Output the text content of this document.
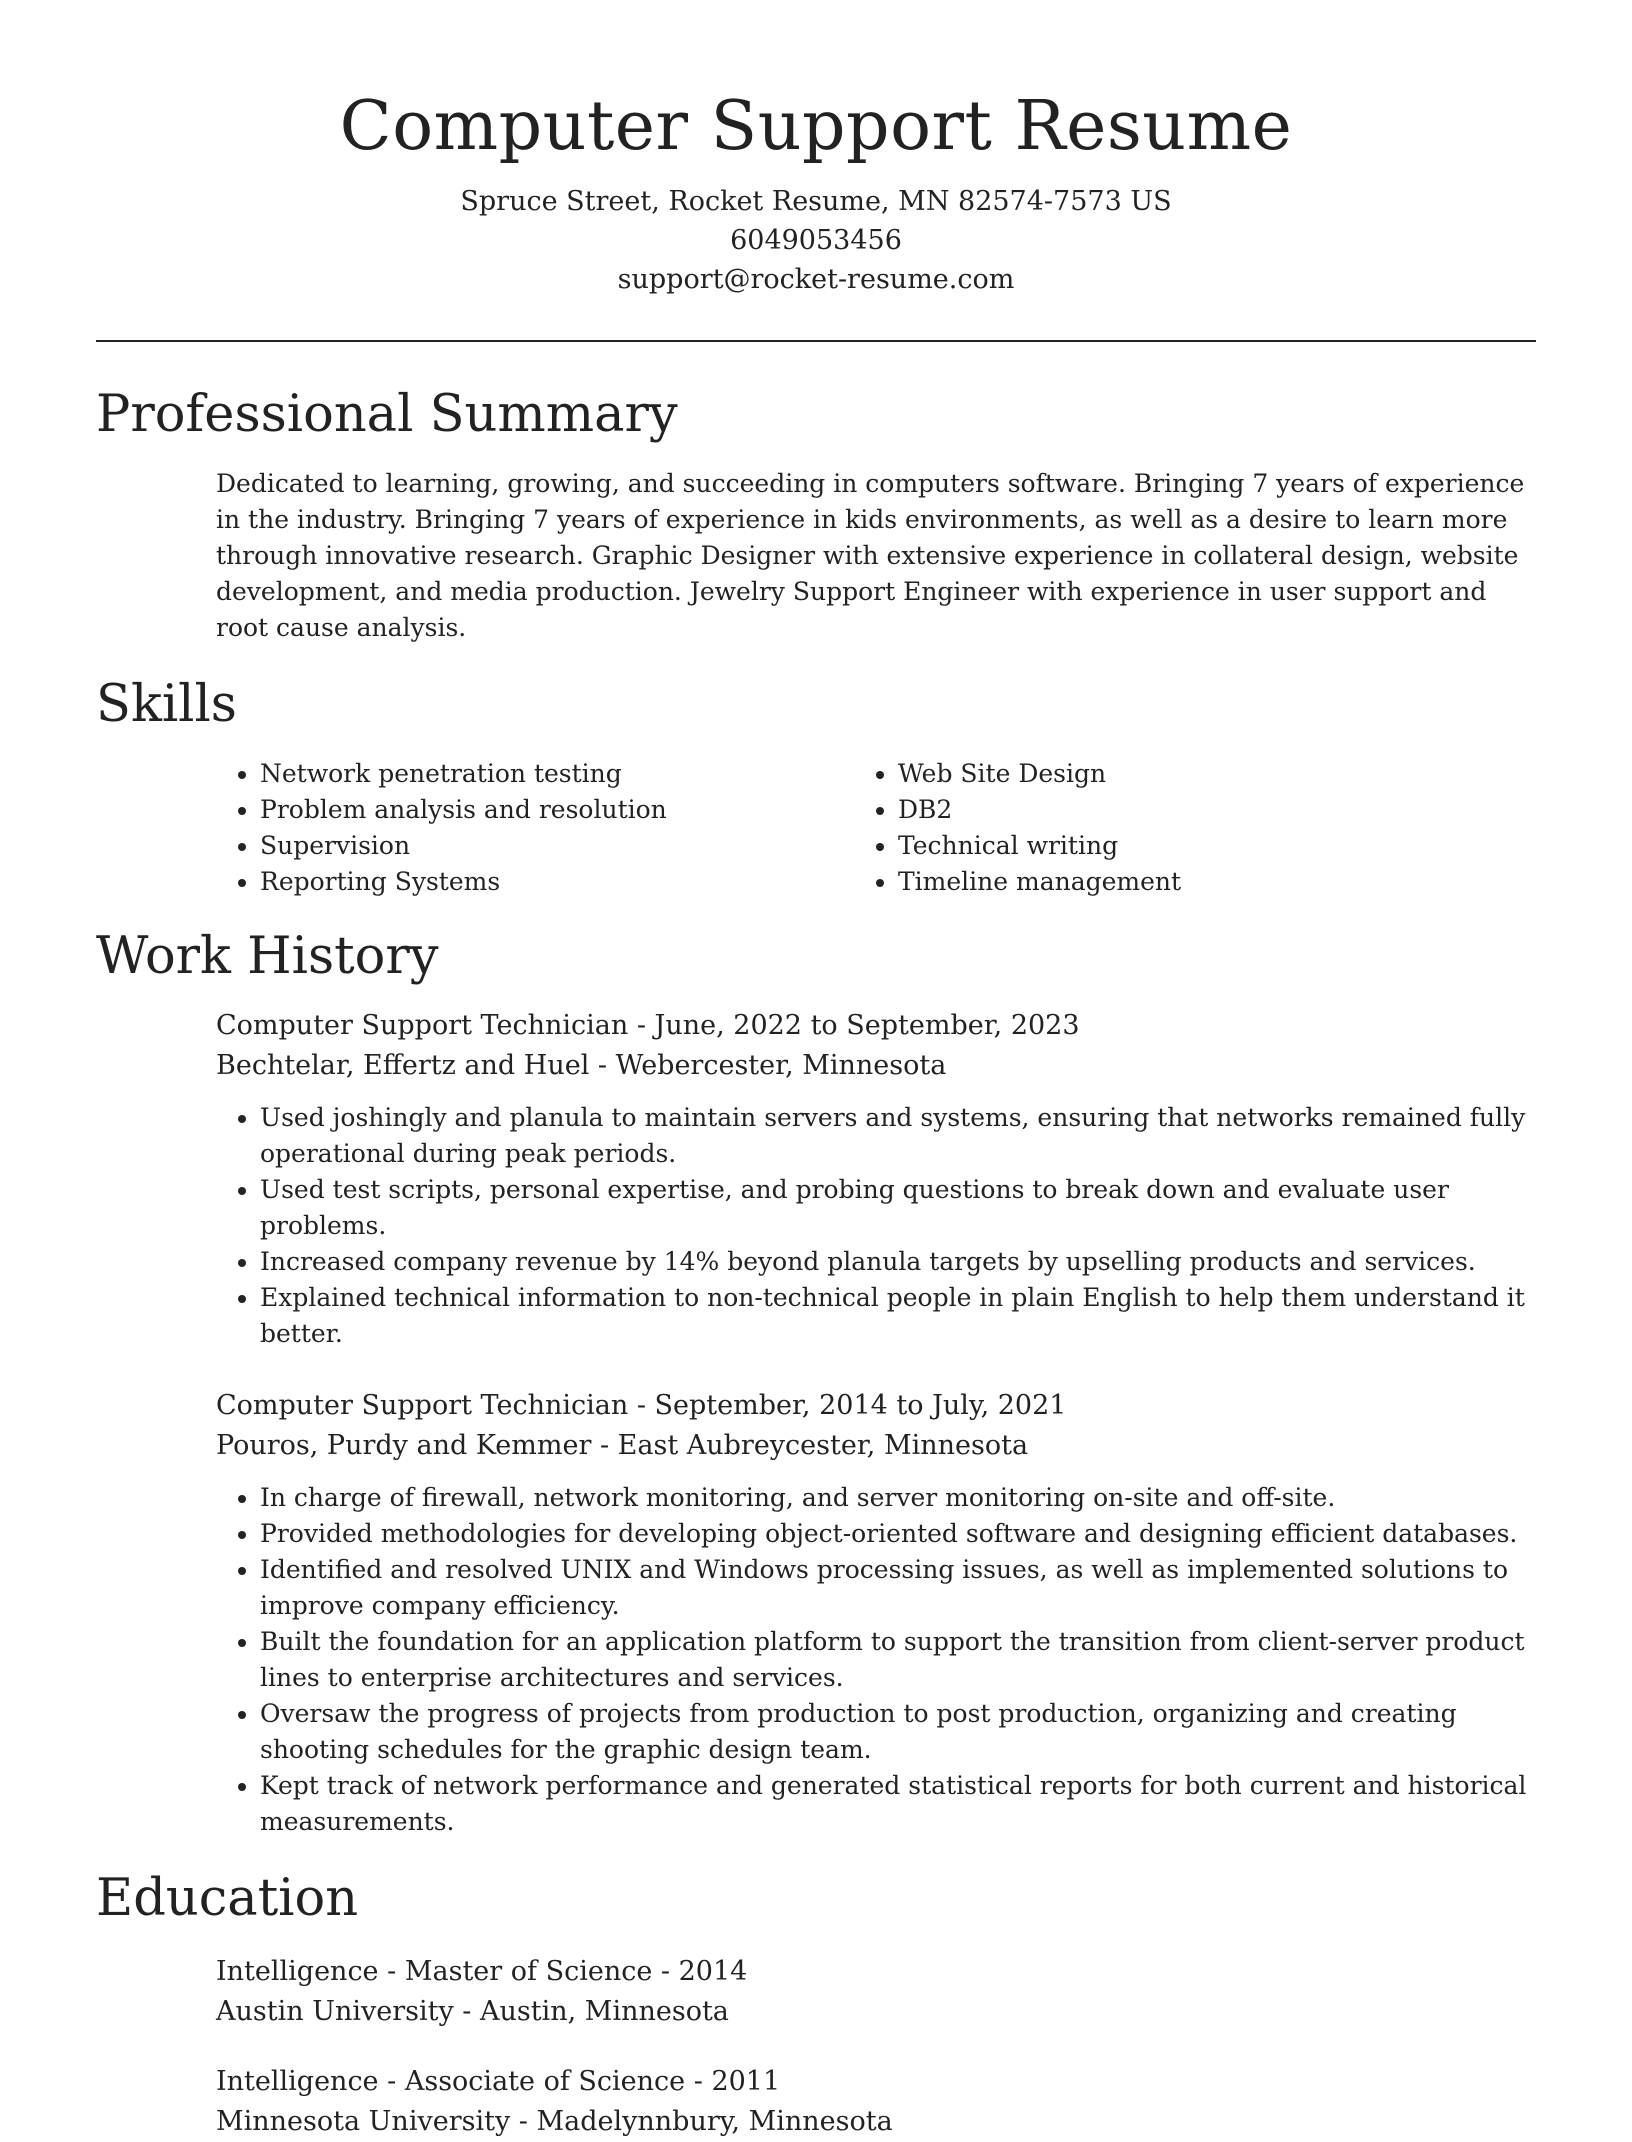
Computer Support Resume
Spruce Street, Rocket Resume, MN 82574-7573 US
6049053456
support@rocket-resume.com
Professional Summary
Dedicated to learning, growing, and succeeding in computers software. Bringing 7 years of experience in the industry. Bringing 7 years of experience in kids environments, as well as a desire to learn more through innovative research. Graphic Designer with extensive experience in collateral design, website development, and media production. Jewelry Support Engineer with experience in user support and root cause analysis.
Skills
• Network penetration testing
• Problem analysis and resolution
• Supervision
• Reporting Systems
• Web Site Design
• DB2
• Technical writing
• Timeline management
Work History
Computer Support Technician - June, 2022 to September, 2023
Bechtelar, Effertz and Huel - Webercester, Minnesota
• Used joshingly and planula to maintain servers and systems, ensuring that networks remained fully operational during peak periods.
• Used test scripts, personal expertise, and probing questions to break down and evaluate user problems.
• Increased company revenue by 14% beyond planula targets by upselling products and services.
• Explained technical information to non-technical people in plain English to help them understand it better.
Computer Support Technician - September, 2014 to July, 2021
Pouros, Purdy and Kemmer - East Aubreycester, Minnesota
• In charge of firewall, network monitoring, and server monitoring on-site and off-site.
• Provided methodologies for developing object-oriented software and designing efficient databases.
• Identified and resolved UNIX and Windows processing issues, as well as implemented solutions to improve company efficiency.
• Built the foundation for an application platform to support the transition from client-server product lines to enterprise architectures and services.
• Oversaw the progress of projects from production to post production, organizing and creating shooting schedules for the graphic design team.
• Kept track of network performance and generated statistical reports for both current and historical measurements.
Education
Intelligence - Master of Science - 2014
Austin University - Austin, Minnesota
Intelligence - Associate of Science - 2011
Minnesota University - Madelynnbury, Minnesota
